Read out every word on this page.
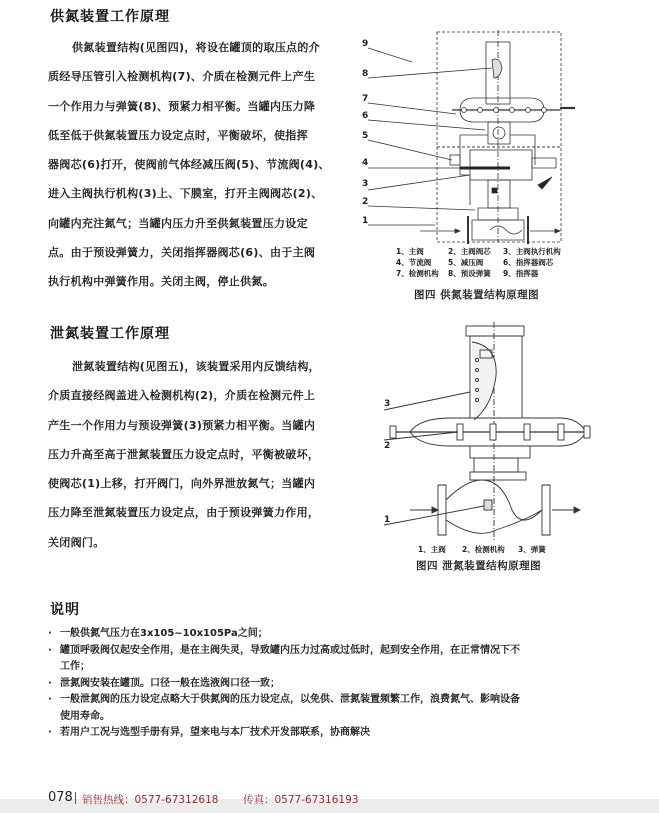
供氮装置工作原理
供氮装置结构(见图四)，将设在罐顶的取压点的介
质经导压管引入检测机构(7)、介质在检测元件上产生
一个作用力与弹簧(8)、预紧力相平衡。当罐内压力降
低至低于供氮装置压力设定点时，平衡破坏，使指挥
器阀芯(6)打开，使阀前气体经减压阀(5)、节流阀(4)、
进入主阀执行机构(3)上、下膜室，打开主阀阀芯(2)、
向罐内充注氮气；当罐内压力升至供氮装置压力设定
点。由于预设弹簧力，关闭指挥器阀芯(6)、由于主阀
执行机构中弹簧作用。关闭主阀，停止供氮。
9
8
7
6
5
4
3
2
1
1、主阀	2、主阀阀芯 3、主阀执行机构
4、节流阀 5、减压阀	6、指挥器阀芯
7、检测机构 8、预设弹簧 9、指挥器
图四 供氮装置结构原理图
泄氮装置工作原理
泄氮装置结构(见图五)，该装置采用内反馈结构，
介质直接经阀盖进入检测机构(2)，介质在检测元件上
产生一个作用力与预设弹簧(3)预紧力相平衡。当罐内
压力升高至高于泄氮装置压力设定点时，平衡被破坏，
使阀芯(1)上移，打开阀门，向外界泄放氮气；当罐内
压力降至泄氮装置压力设定点，由于预设弹簧力作用，
关闭阀门。
3
2
1
1、主阀 2、检测机构 3、弹簧
图四 泄氮装置结构原理图
说明
· 一般供氮气压力在3x105~10x105Pa之间；
· 罐顶呼吸阀仅起安全作用，是在主阀失灵，导致罐内压力过高或过低时，起到安全作用，在正常情况下不
工作；
· 泄氮阀安装在罐顶。口径一般在选液阀口径一致；
· 一般泄氮阀的压力设定点略大于供氮阀的压力设定点，以免供、泄氮装置频繁工作，浪费氮气、影响设备
使用寿命。
· 若用户工况与选型手册有异，望来电与本厂技术开发部联系，协商解决
078 销售热线：0577-67312618 传真：0577-67316193
